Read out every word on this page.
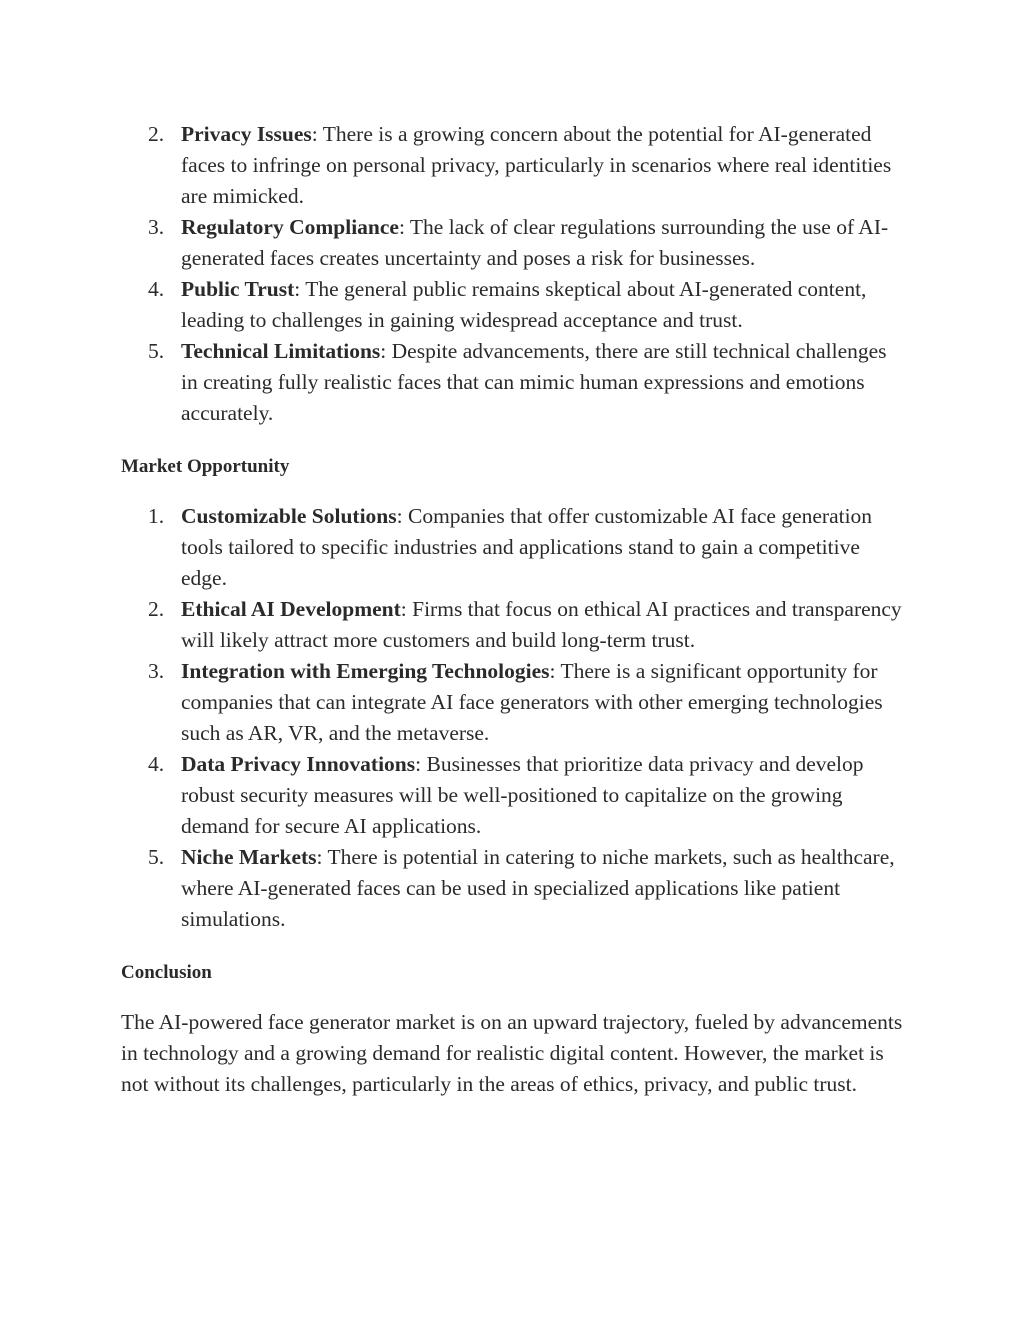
2. Privacy Issues: There is a growing concern about the potential for AI-generated faces to infringe on personal privacy, particularly in scenarios where real identities are mimicked.
3. Regulatory Compliance: The lack of clear regulations surrounding the use of AI-generated faces creates uncertainty and poses a risk for businesses.
4. Public Trust: The general public remains skeptical about AI-generated content, leading to challenges in gaining widespread acceptance and trust.
5. Technical Limitations: Despite advancements, there are still technical challenges in creating fully realistic faces that can mimic human expressions and emotions accurately.
Market Opportunity
1. Customizable Solutions: Companies that offer customizable AI face generation tools tailored to specific industries and applications stand to gain a competitive edge.
2. Ethical AI Development: Firms that focus on ethical AI practices and transparency will likely attract more customers and build long-term trust.
3. Integration with Emerging Technologies: There is a significant opportunity for companies that can integrate AI face generators with other emerging technologies such as AR, VR, and the metaverse.
4. Data Privacy Innovations: Businesses that prioritize data privacy and develop robust security measures will be well-positioned to capitalize on the growing demand for secure AI applications.
5. Niche Markets: There is potential in catering to niche markets, such as healthcare, where AI-generated faces can be used in specialized applications like patient simulations.
Conclusion

The AI-powered face generator market is on an upward trajectory, fueled by advancements in technology and a growing demand for realistic digital content. However, the market is not without its challenges, particularly in the areas of ethics, privacy, and public trust.
